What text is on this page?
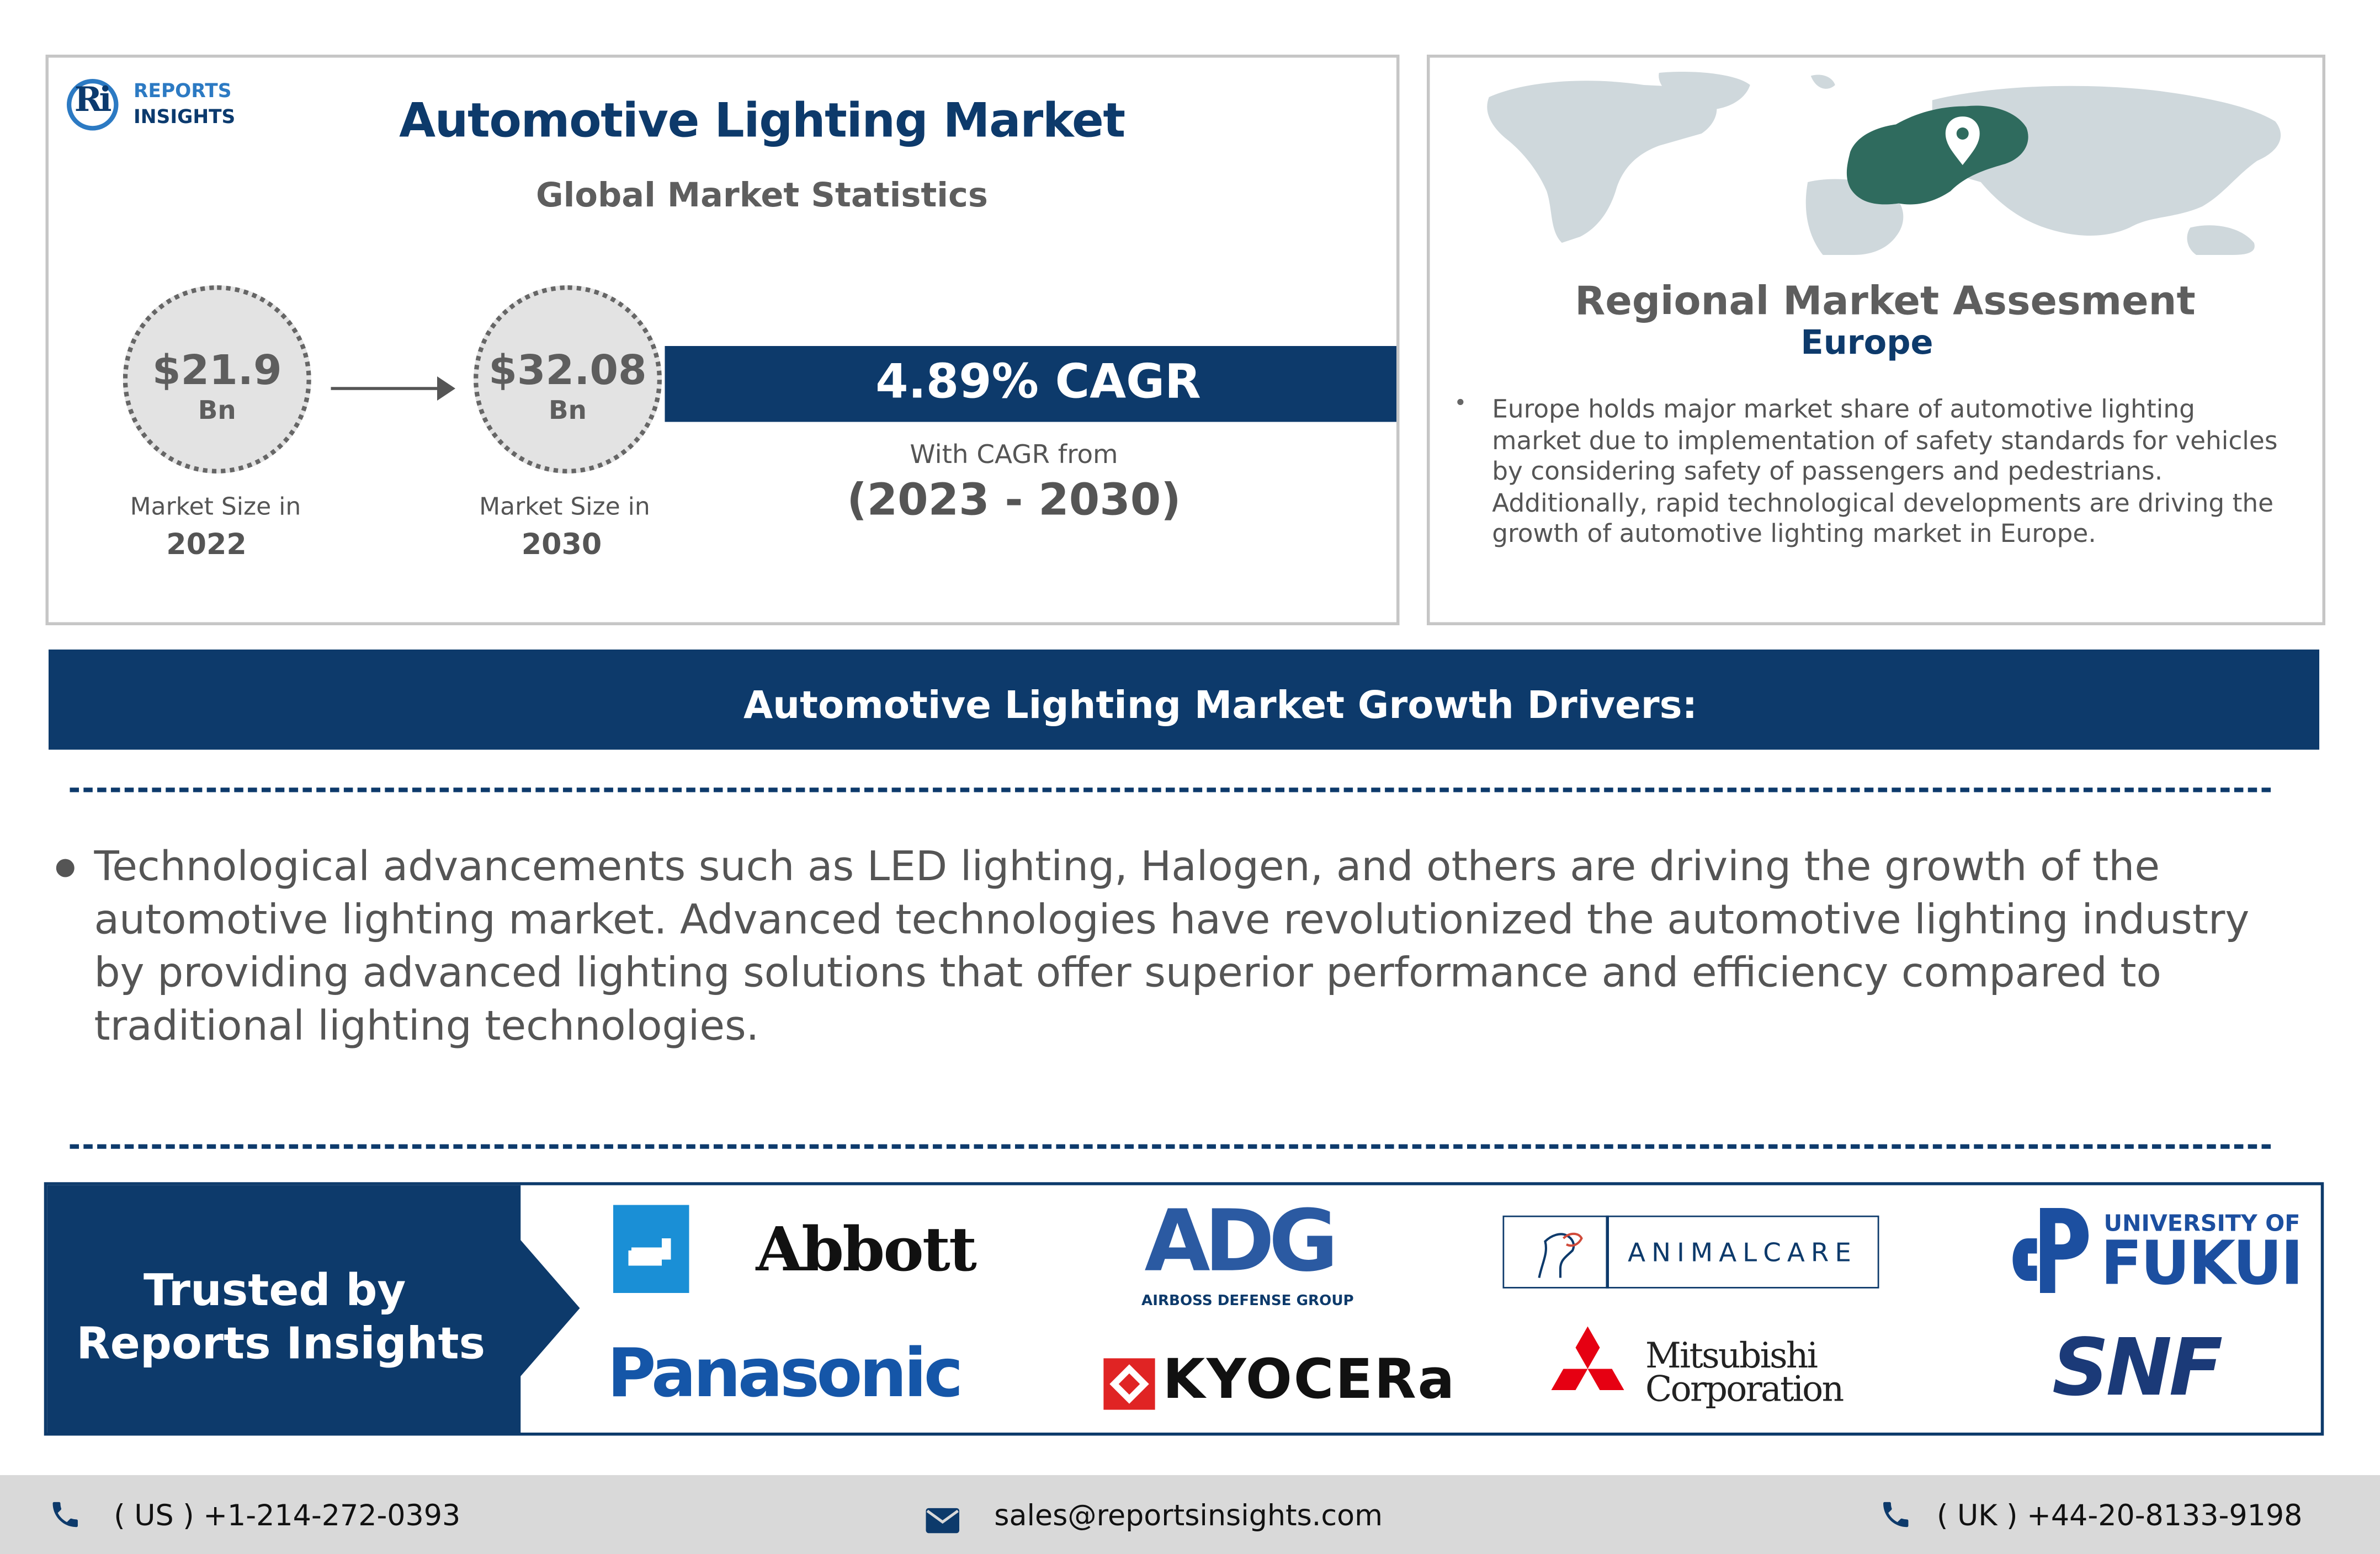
Ri	REPORTS
INSIGHTS	Automotive Lighting Market
Global Market Statistics
$21.9
Bn
Market Size in
2022
$32.08
Bn
Market Size in
2030
4.89% CAGR
With CAGR from
(2023 - 2030)
Regional Market Assesment
Europe
•	Europe holds major market share of automotive lighting market due to implementation of safety standards for vehicles by considering safety of passengers and pedestrians. Additionally, rapid technological developments are driving the growth of automotive lighting market in Europe.
Automotive Lighting Market Growth Drivers:
Technological advancements such as LED lighting, Halogen, and others are driving the growth of the automotive lighting market. Advanced technologies have revolutionized the automotive lighting industry by providing advanced lighting solutions that offer superior performance and efficiency compared to traditional lighting technologies.
Trusted by
Reports Insights
Abbott	ADG
AIRBOSS DEFENSE GROUP
ANIMALCARE
UNIVERSITY OF
FUKUI
Panasonic	KYOCERa	Mitsubishi
Corporation	SNF
( US ) +1-214-272-0393	sales@reportsinsights.com	( UK ) +44-20-8133-9198
